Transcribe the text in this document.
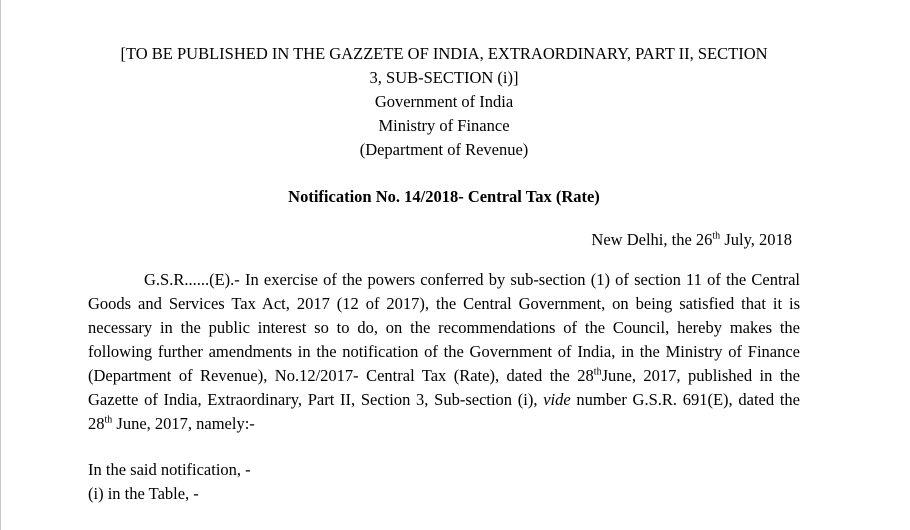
[TO BE PUBLISHED IN THE GAZZETE OF INDIA, EXTRAORDINARY, PART II, SECTION
3, SUB-SECTION (i)]
Government of India
Ministry of Finance
(Department of Revenue)
Notification No. 14/2018- Central Tax (Rate)
New Delhi, the 26th July, 2018
G.S.R......(E).- In exercise of the powers conferred by sub-section (1) of section 11 of the Central Goods and Services Tax Act, 2017 (12 of 2017), the Central Government, on being satisfied that it is necessary in the public interest so to do, on the recommendations of the Council, hereby makes the following further amendments in the notification of the Government of India, in the Ministry of Finance (Department of Revenue), No.12/2017- Central Tax (Rate), dated the 28thJune, 2017, published in the Gazette of India, Extraordinary, Part II, Section 3, Sub-section (i), vide number G.S.R. 691(E), dated the 28th June, 2017, namely:-
In the said notification, -
(i) in the Table, -
